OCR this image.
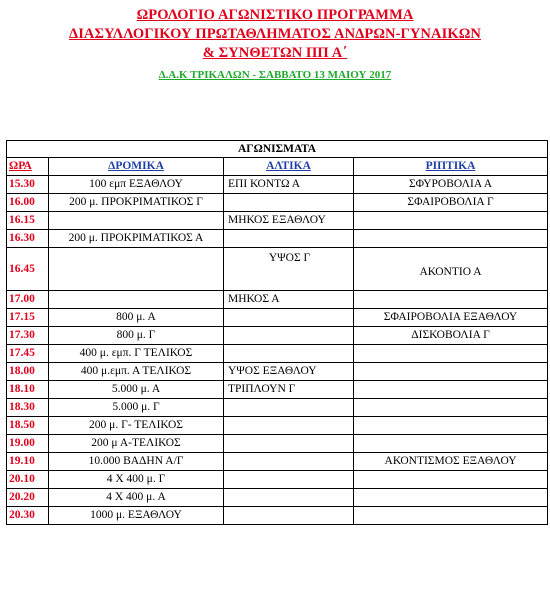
ΩΡΟΛΟΓΙΟ ΑΓΩΝΙΣΤΙΚΟ ΠΡΟΓΡΑΜΜΑ
ΔΙΑΣΥΛΛΟΓΙΚΟΥ ΠΡΩΤΑΘΛΗΜΑΤΟΣ ΑΝΔΡΩΝ-ΓΥΝΑΙΚΩΝ
& ΣΥΝΘΕΤΩΝ ΠΠ Α΄
Δ.Α.Κ ΤΡΙΚΑΛΩΝ - ΣΑΒΒΑΤΟ 13 ΜΑΙΟΥ 2017
ΑΓΩΝΙΣΜΑΤΑ			
ΩΡΑ	ΔΡΟΜΙΚΑ	ΑΛΤΙΚΑ	ΡΙΠΤΙΚΑ
15.30	100 εμπ ΕΞΑΘΛΟΥ	ΕΠΙ ΚΟΝΤΩ Α	ΣΦΥΡΟΒΟΛΙΑ Α
16.00	200 μ. ΠΡΟΚΡΙΜΑΤΙΚΟΣ Γ		ΣΦΑΙΡΟΒΟΛΙΑ Γ
16.15		ΜΗΚΟΣ ΕΞΑΘΛΟΥ	
16.30	200 μ. ΠΡΟΚΡΙΜΑΤΙΚΟΣ Α		
16.45		ΥΨΟΣ Γ	ΑΚΟΝΤΙΟ Α
17.00		ΜΗΚΟΣ Α	
17.15	800 μ. Α		ΣΦΑΙΡΟΒΟΛΙΑ ΕΞΑΘΛΟΥ
17.30	800 μ. Γ		ΔΙΣΚΟΒΟΛΙΑ Γ
17.45	400 μ. εμπ. Γ ΤΕΛΙΚΟΣ		
18.00	400 μ.εμπ. Α ΤΕΛΙΚΟΣ	ΥΨΟΣ ΕΞΑΘΛΟΥ	
18.10	5.000 μ. Α	ΤΡΙΠΛΟΥΝ Γ	
18.30	5.000 μ. Γ		
18.50	200 μ. Γ- ΤΕΛΙΚΟΣ		
19.00	200 μ Α-ΤΕΛΙΚΟΣ		
19.10	10.000 ΒΑΔΗΝ Α/Γ		ΑΚΟΝΤΙΣΜΟΣ ΕΞΑΘΛΟΥ
20.10	4 Χ 400 μ. Γ		
20.20	4 Χ 400 μ. Α		
20.30	1000 μ. ΕΞΑΘΛΟΥ		
